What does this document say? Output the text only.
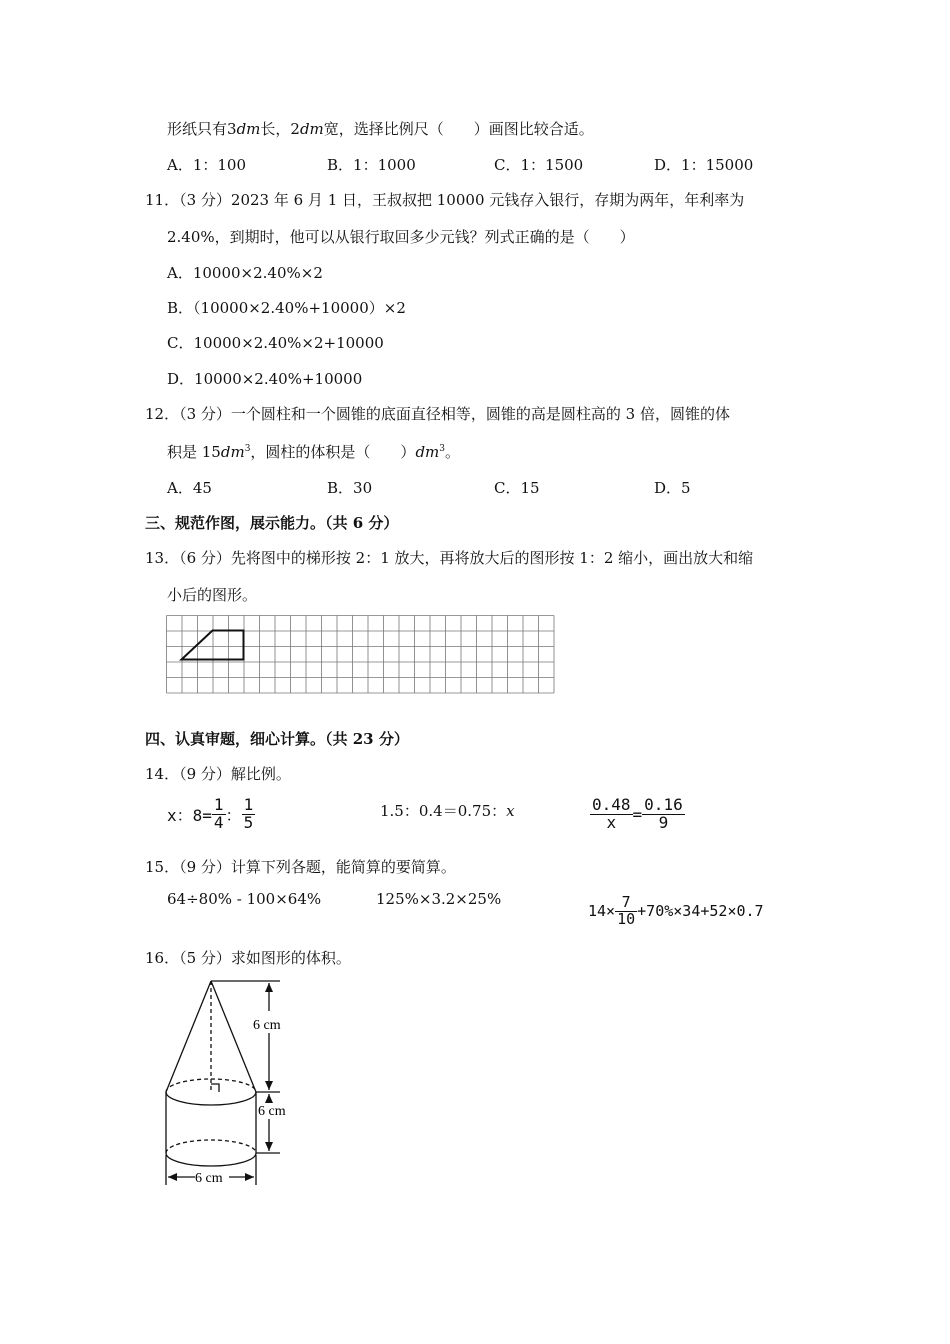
形纸只有3dm长，2dm宽，选择比例尺（　　）画图比较合适。
A．1：100	B．1：1000	C．1：1500	D．1：15000
11．（3 分）2023 年 6 月 1 日，王叔叔把 10000 元钱存入银行，存期为两年，年利率为
2.40%，到期时，他可以从银行取回多少元钱？列式正确的是（　　）
A．10000×2.40%×2
B．（10000×2.40%+10000）×2
C．10000×2.40%×2+10000
D．10000×2.40%+10000
12．（3 分）一个圆柱和一个圆锥的底面直径相等，圆锥的高是圆柱高的 3 倍，圆锥的体
积是 $15dm^3$，圆柱的体积是（　　）$dm^3$。
A．45	B．30	C．15	D．5
三、规范作图，展示能力。（共 6 分）
13．（6 分）先将图中的梯形按 2：1 放大，再将放大后的图形按 1：2 缩小，画出放大和缩
小后的图形。
四、认真审题，细心计算。（共 23 分）
14．（9 分）解比例。
x：$8= \frac{1}{4}$ ： $\frac{1}{5}$	1.5：0.4＝0.75：x	$\frac{0.48}{x} = \frac{0.16}{9}$
15．（9 分）计算下列各题，能简算的要简算。
64÷80% - 100×64%	125%×3.2×25%
$14\times \frac{7}{10} +70\%\times 34+52\times 0.7$
16．（5 分）求如图形的体积。
6 cm
6 cm
6 cm
